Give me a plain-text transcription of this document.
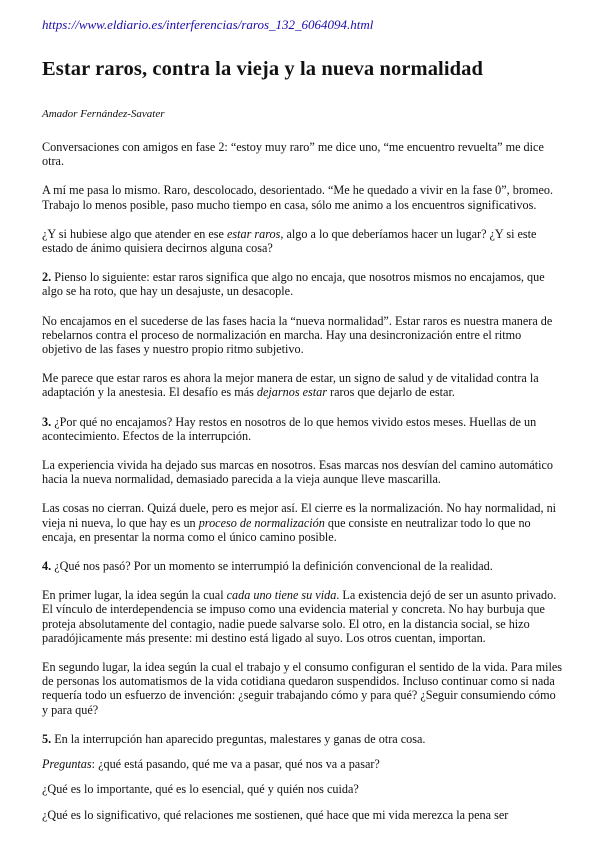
https://www.eldiario.es/interferencias/raros_132_6064094.html
Estar raros, contra la vieja y la nueva normalidad
Amador Fernández-Savater

Conversaciones con amigos en fase 2: “estoy muy raro” me dice uno, “me encuentro revuelta” me dice otra.

A mí me pasa lo mismo. Raro, descolocado, desorientado. “Me he quedado a vivir en la fase 0”, bromeo. Trabajo lo menos posible, paso mucho tiempo en casa, sólo me animo a los encuentros significativos.

¿Y si hubiese algo que atender en ese estar raros, algo a lo que deberíamos hacer un lugar? ¿Y si este estado de ánimo quisiera decirnos alguna cosa?

2. Pienso lo siguiente: estar raros significa que algo no encaja, que nosotros mismos no encajamos, que algo se ha roto, que hay un desajuste, un desacople.

No encajamos en el sucederse de las fases hacia la “nueva normalidad”. Estar raros es nuestra manera de rebelarnos contra el proceso de normalización en marcha. Hay una desincronización entre el ritmo objetivo de las fases y nuestro propio ritmo subjetivo.

Me parece que estar raros es ahora la mejor manera de estar, un signo de salud y de vitalidad contra la adaptación y la anestesia. El desafío es más dejarnos estar raros que dejarlo de estar.

3. ¿Por qué no encajamos? Hay restos en nosotros de lo que hemos vivido estos meses. Huellas de un acontecimiento. Efectos de la interrupción.

La experiencia vivida ha dejado sus marcas en nosotros. Esas marcas nos desvían del camino automático hacia la nueva normalidad, demasiado parecida a la vieja aunque lleve mascarilla.

Las cosas no cierran. Quizá duele, pero es mejor así. El cierre es la normalización. No hay normalidad, ni vieja ni nueva, lo que hay es un proceso de normalización que consiste en neutralizar todo lo que no encaja, en presentar la norma como el único camino posible.

4. ¿Qué nos pasó? Por un momento se interrumpió la definición convencional de la realidad.

En primer lugar, la idea según la cual cada uno tiene su vida. La existencia dejó de ser un asunto privado. El vínculo de interdependencia se impuso como una evidencia material y concreta. No hay burbuja que proteja absolutamente del contagio, nadie puede salvarse solo. El otro, en la distancia social, se hizo paradójicamente más presente: mi destino está ligado al suyo. Los otros cuentan, importan.

En segundo lugar, la idea según la cual el trabajo y el consumo configuran el sentido de la vida. Para miles de personas los automatismos de la vida cotidiana quedaron suspendidos. Incluso continuar como si nada requería todo un esfuerzo de invención: ¿seguir trabajando cómo y para qué? ¿Seguir consumiendo cómo y para qué?

5. En la interrupción han aparecido preguntas, malestares y ganas de otra cosa.

Preguntas: ¿qué está pasando, qué me va a pasar, qué nos va a pasar?

¿Qué es lo importante, qué es lo esencial, qué y quién nos cuida?

¿Qué es lo significativo, qué relaciones me sostienen, qué hace que mi vida merezca la pena ser
